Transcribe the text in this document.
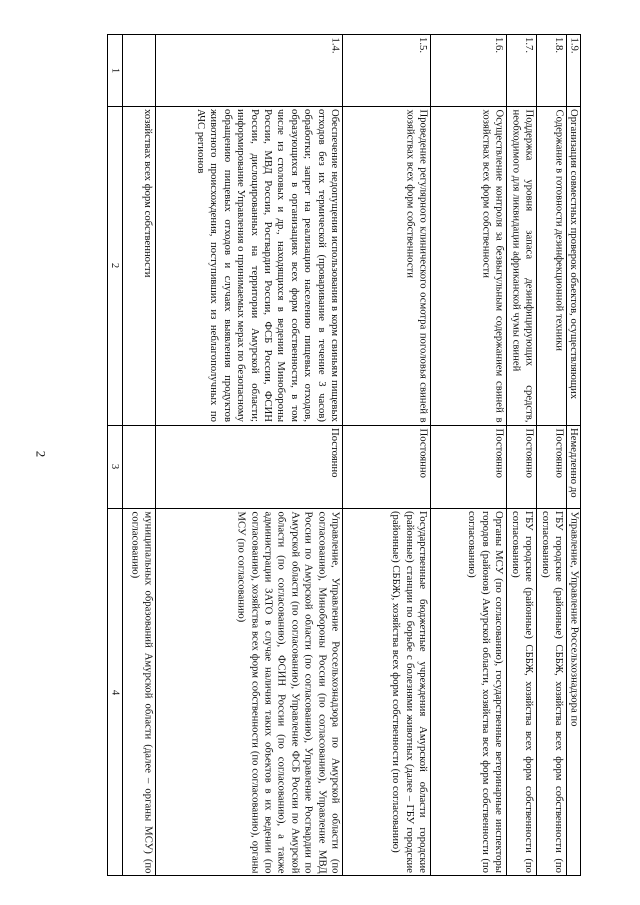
2
1
2
3
4
хозяйствах всех форм собственности
муниципальных образований Амурской области (далее – органы МСУ) (по согласованию)
1.4.
Обеспечение недопущения использования в корм свиньям пищевых отходов без их термической (проваривание в течение 3 часов) обработки; запрет на реализацию населению пищевых отходов, образующихся в организациях всех форм собственности, в том числе из столовых и др., находящихся в ведении Минобороны России, МВД России, Росгвардии России, ФСБ России, ФСИН России, дислоцированных на территории Амурской области; информирование Управления о принимаемых мерах по безопасному обращению пищевых отходов и случаях выявления продуктов животного происхождения, поступивших из неблагополучных по АЧС регионов
Постоянно
Управление, Управление Россельхознадзора по Амурской области (по согласованию), Минобороны России (по согласованию), Управление МВД России по Амурской области (по согласованию), Управление Росгвардии по Амурской области (по согласованию), Управление ФСБ России по Амурской области (по согласованию), ФСИН России (по согласованию), а также администрации ЗАТО в случае наличия таких объектов в их ведении (по согласованию), хозяйства всех форм собственности (по согласованию), органы МСУ (по согласованию)
1.5.
Проведение регулярного клинического осмотра поголовья свиней в хозяйствах всех форм собственности
Постоянно
Государственные бюджетные учреждения Амурской области городские (районные) станции по борьбе с болезнями животных (далее – ГБУ городские (районные) СББЖ), хозяйства всех форм собственности (по согласованию)
1.6.
Осуществление контроля за безвыгульным содержанием свиней в хозяйствах всех форм собственности
Постоянно
Органы МСУ (по согласованию), государственные ветеринарные инспекторы городов (районов) Амурской области, хозяйства всех форм собственности (по согласованию)
1.7.
Поддержка уровня запаса дезинфицирующих средств, необходимого для ликвидации африканской чумы свиней
Постоянно
ГБУ городские (районные) СББЖ, хозяйства всех форм собственности (по согласованию)
1.8.
Содержание в готовности дезинфекционной техники
Постоянно
ГБУ городские (районные) СББЖ, хозяйства всех форм собственности (по согласованию)
1.9.
Организация совместных проверок объектов, осуществляющих
Немедленно до
Управление, Управление Россельхознадзора по
